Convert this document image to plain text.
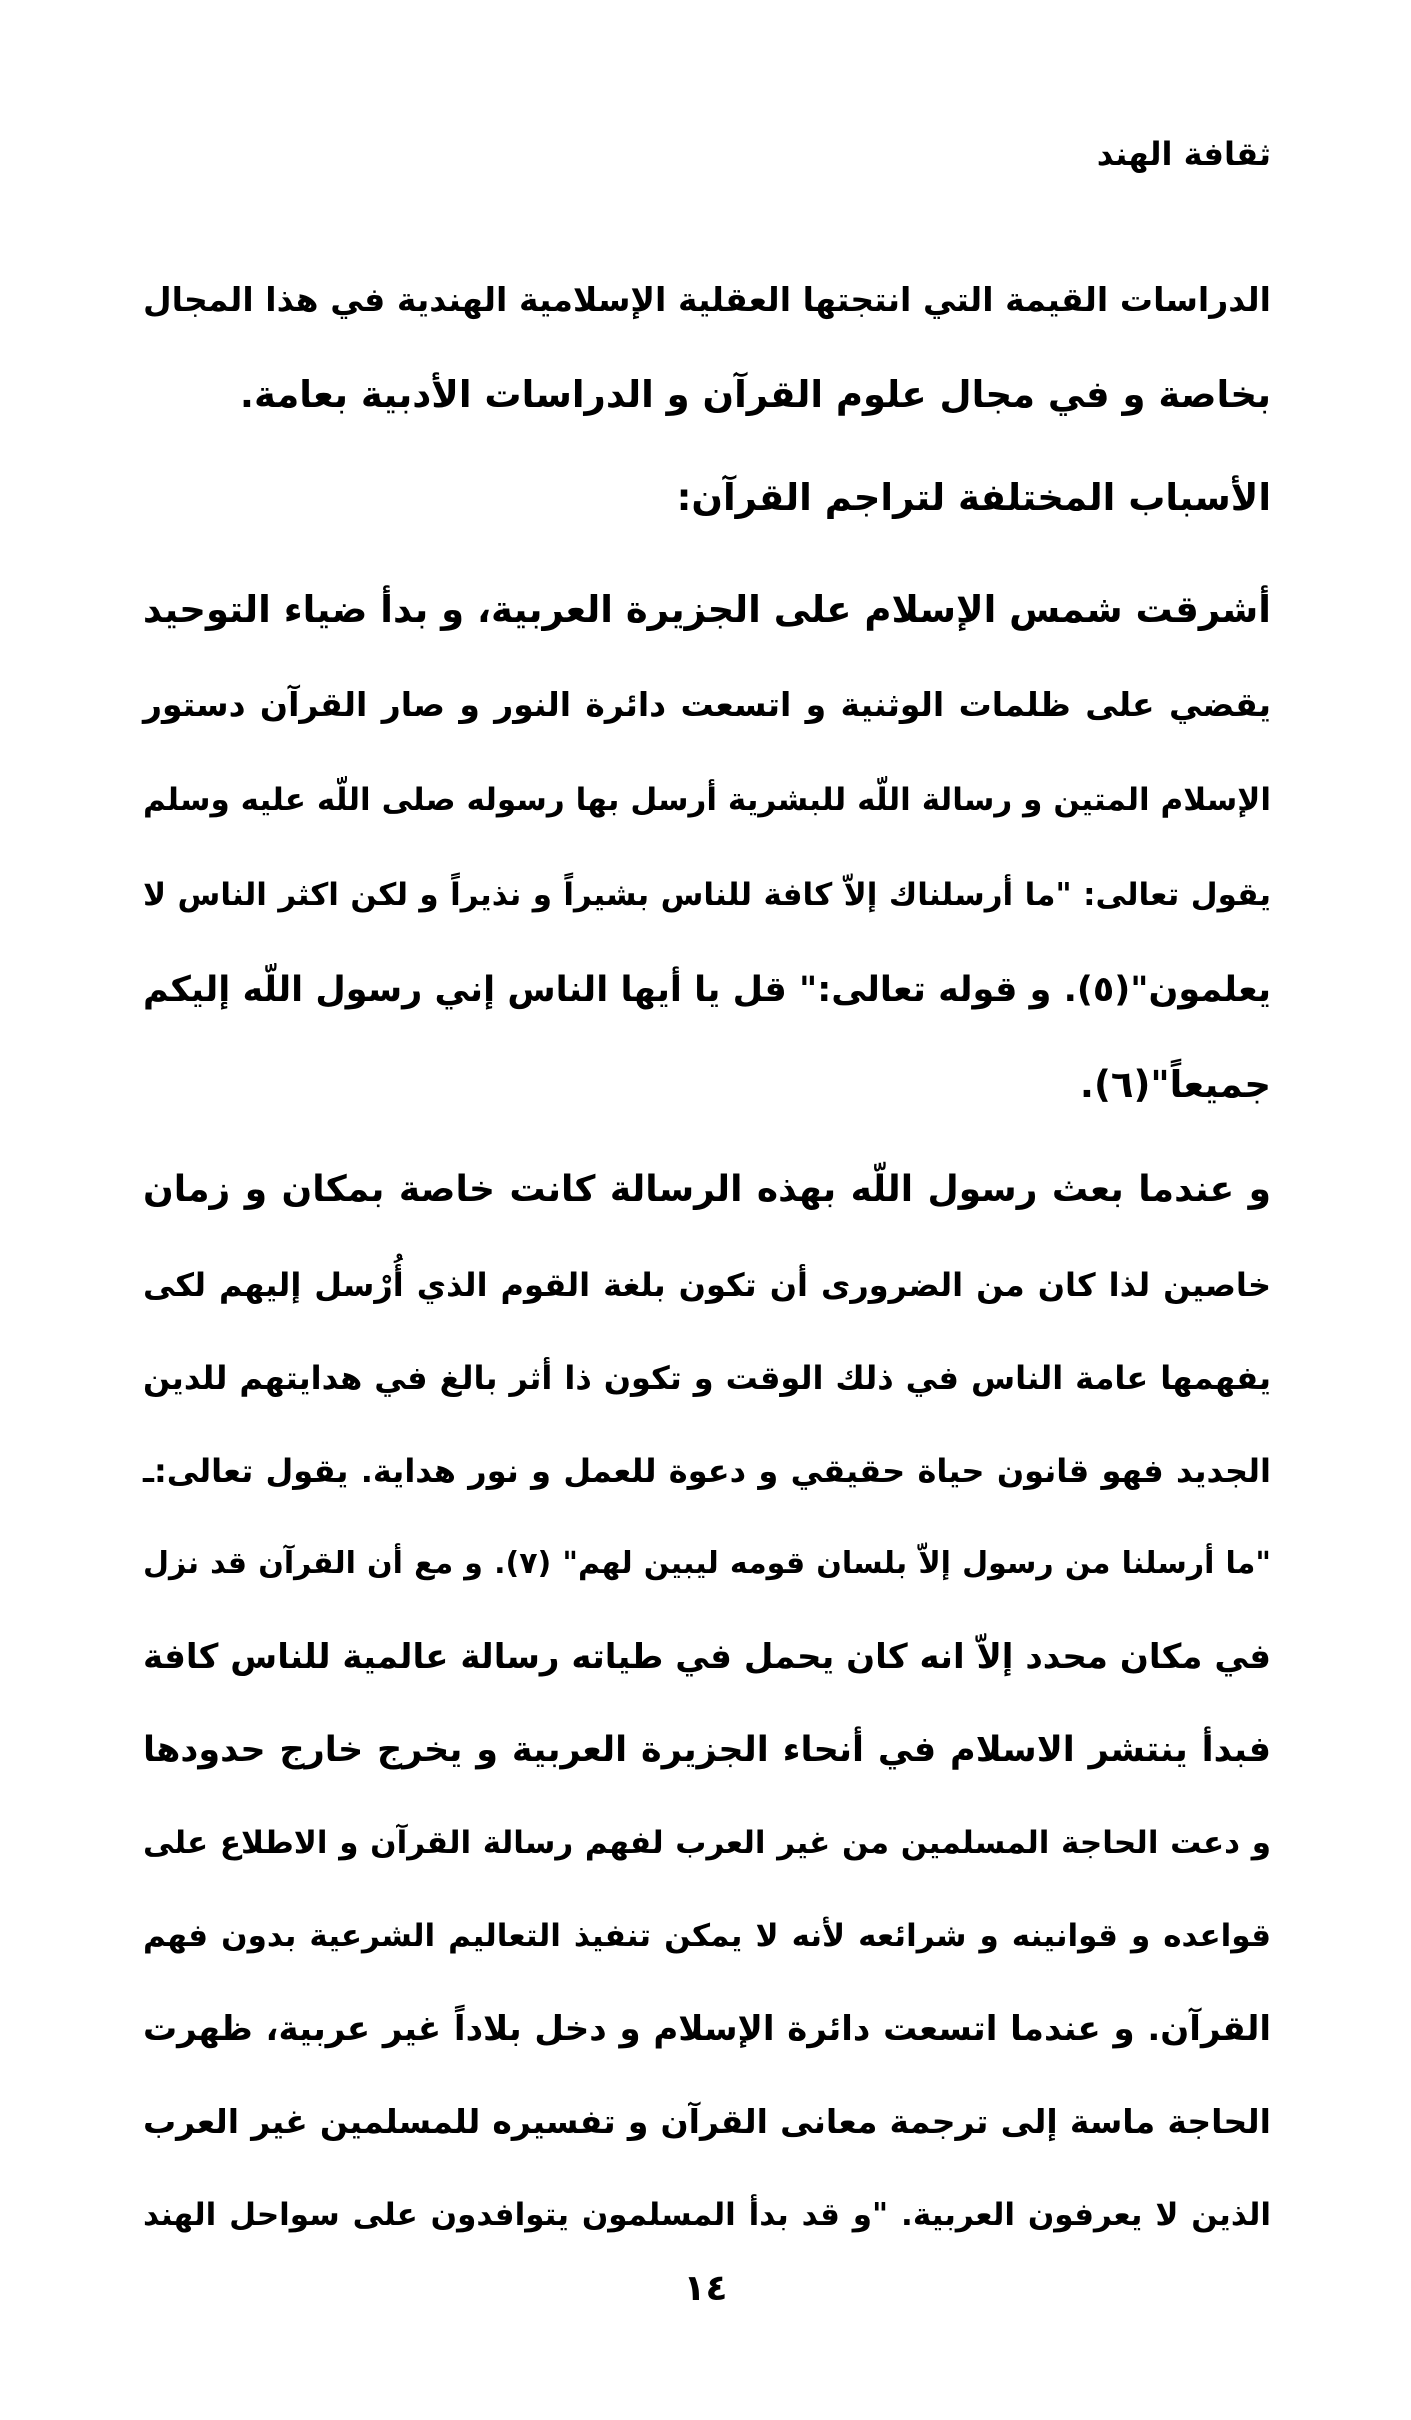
ثقافة الهند
الدراسات القيمة التي انتجتها العقلية الإسلامية الهندية في هذا المجال
بخاصة و في مجال علوم القرآن و الدراسات الأدبية بعامة.
الأسباب المختلفة لتراجم القرآن:
أشرقت شمس الإسلام على الجزيرة العربية، و بدأ ضياء التوحيد
يقضي على ظلمات الوثنية و اتسعت دائرة النور و صار القرآن دستور
الإسلام المتين و رسالة اللّه للبشرية أرسل بها رسوله صلى اللّه عليه وسلم
يقول تعالى: "ما أرسلناك إلاّ كافة للناس بشيراً و نذيراً و لكن اكثر الناس لا
يعلمون"(٥). و قوله تعالى:" قل يا أيها الناس إني رسول اللّه إليكم
جميعاً"(٦).
و عندما بعث رسول اللّه بهذه الرسالة كانت خاصة بمكان و زمان
خاصين لذا كان من الضرورى أن تكون بلغة القوم الذي أُرْسل إليهم لكى
يفهمها عامة الناس في ذلك الوقت و تكون ذا أثر بالغ في هدايتهم للدين
الجديد فهو قانون حياة حقيقي و دعوة للعمل و نور هداية. يقول تعالى:ـ
"ما أرسلنا من رسول إلاّ بلسان قومه ليبين لهم" (٧). و مع أن القرآن قد نزل
في مكان محدد إلاّ انه كان يحمل في طياته رسالة عالمية للناس كافة
فبدأ ينتشر الاسلام في أنحاء الجزيرة العربية و يخرج خارج حدودها
و دعت الحاجة المسلمين من غير العرب لفهم رسالة القرآن و الاطلاع على
قواعده و قوانينه و شرائعه لأنه لا يمكن تنفيذ التعاليم الشرعية بدون فهم
القرآن. و عندما اتسعت دائرة الإسلام و دخل بلاداً غير عربية، ظهرت
الحاجة ماسة إلى ترجمة معانى القرآن و تفسيره للمسلمين غير العرب
الذين لا يعرفون العربية. "و قد بدأ المسلمون يتوافدون على سواحل الهند
١٤
